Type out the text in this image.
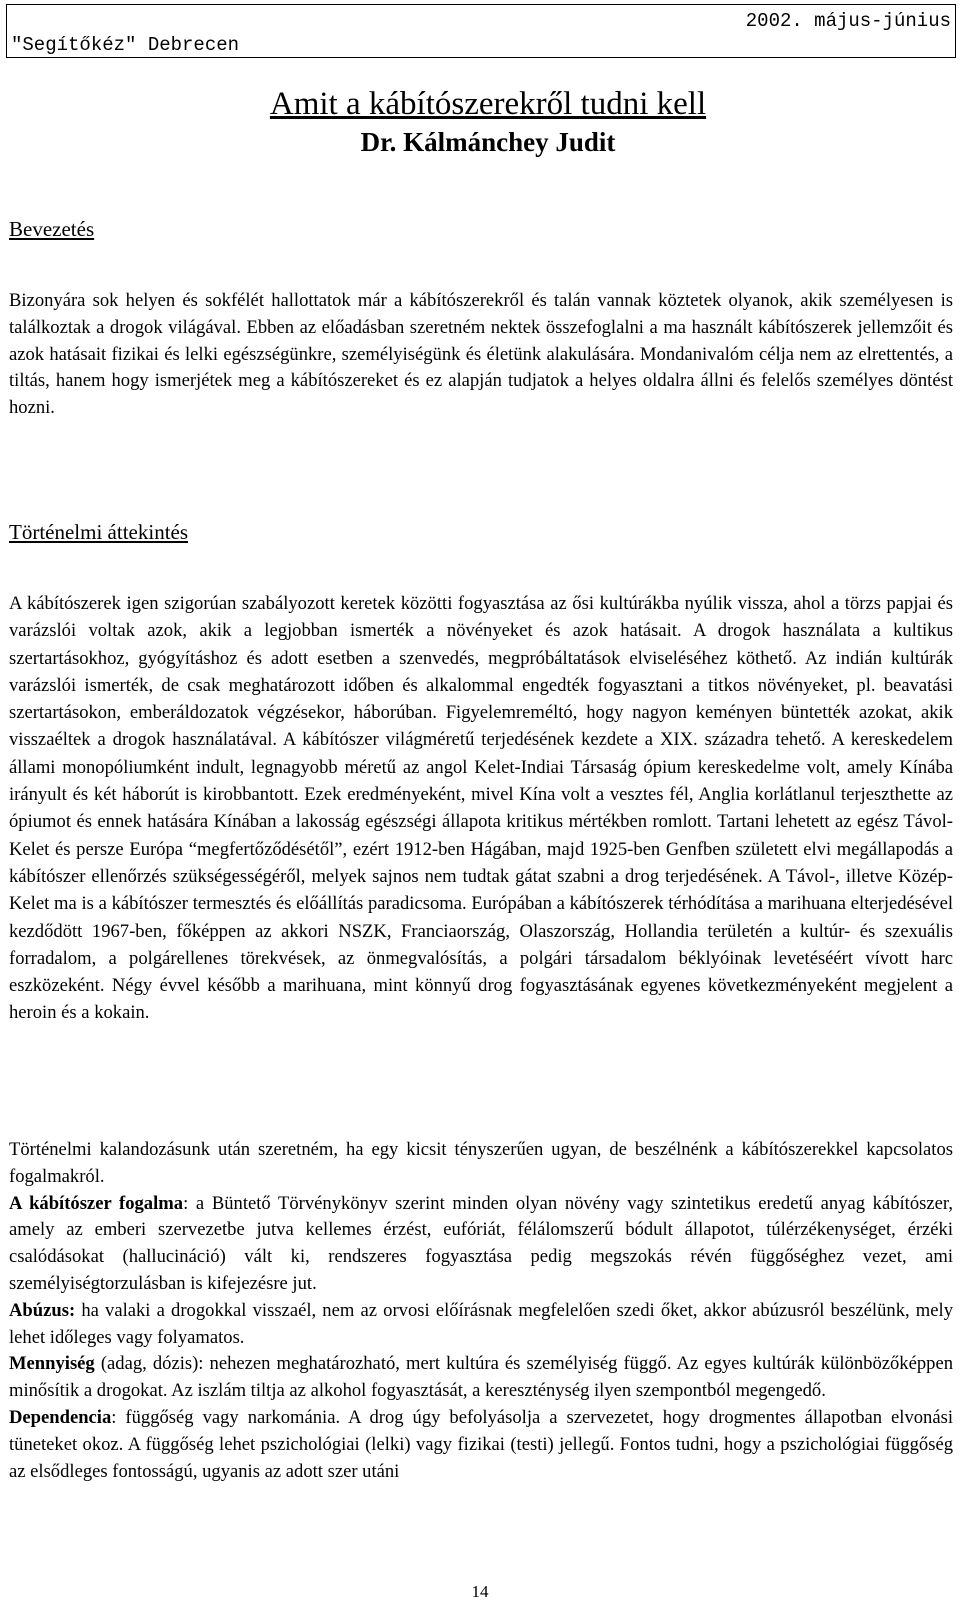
"Segítőkéz" Debrecen
2002. május-június
Amit a kábítószerekről tudni kell

Dr. Kálmánchey Judit

Bevezetés

Bizonyára sok helyen és sokfélét hallottatok már a kábítószerekről és talán vannak köztetek olyanok, akik személyesen is találkoztak a drogok világával. Ebben az előadásban szeretném nektek összefoglalni a ma használt kábítószerek jellemzőit és azok hatásait fizikai és lelki egészségünkre, személyiségünk és életünk alakulására. Mondanivalóm célja nem az elrettentés, a tiltás, hanem hogy ismerjétek meg a kábítószereket és ez alapján tudjatok a helyes oldalra állni és felelős személyes döntést hozni.

Történelmi áttekintés

A kábítószerek igen szigorúan szabályozott keretek közötti fogyasztása az ősi kultúrákba nyúlik vissza, ahol a törzs papjai és varázslói voltak azok, akik a legjobban ismerték a növényeket és azok hatásait. A drogok használata a kultikus szertartásokhoz, gyógyításhoz és adott esetben a szenvedés, megpróbáltatások elviseléséhez köthető. Az indián kultúrák varázslói ismerték, de csak meghatározott időben és alkalommal engedték fogyasztani a titkos növényeket, pl. beavatási szertartásokon, emberáldozatok végzésekor, háborúban. Figyelemreméltó, hogy nagyon keményen büntették azokat, akik visszaéltek a drogok használatával. A kábítószer világméretű terjedésének kezdete a XIX. századra tehető. A kereskedelem állami monopóliumként indult, legnagyobb méretű az angol Kelet-Indiai Társaság ópium kereskedelme volt, amely Kínába irányult és két háborút is kirobbantott. Ezek eredményeként, mivel Kína volt a vesztes fél, Anglia korlátlanul terjeszthette az ópiumot és ennek hatására Kínában a lakosság egészségi állapota kritikus mértékben romlott. Tartani lehetett az egész Távol-Kelet és persze Európa “megfertőződésétől”, ezért 1912-ben Hágában, majd 1925-ben Genfben született elvi megállapodás a kábítószer ellenőrzés szükségességéről, melyek sajnos nem tudtak gátat szabni a drog terjedésének. A Távol-, illetve Közép-Kelet ma is a kábítószer termesztés és előállítás paradicsoma. Európában a kábítószerek térhódítása a marihuana elterjedésével kezdődött 1967-ben, főképpen az akkori NSZK, Franciaország, Olaszország, Hollandia területén a kultúr- és szexuális forradalom, a polgárellenes törekvések, az önmegvalósítás, a polgári társadalom béklyóinak levetéséért vívott harc eszközeként. Négy évvel később a marihuana, mint könnyű drog fogyasztásának egyenes következményeként megjelent a heroin és a kokain.

Történelmi kalandozásunk után szeretném, ha egy kicsit tényszerűen ugyan, de beszélnénk a kábítószerekkel kapcsolatos fogalmakról.

A kábítószer fogalma: a Büntető Törvénykönyv szerint minden olyan növény vagy szintetikus eredetű anyag kábítószer, amely az emberi szervezetbe jutva kellemes érzést, eufóriát, félálomszerű bódult állapotot, túlérzékenységet, érzéki csalódásokat (hallucináció) vált ki, rendszeres fogyasztása pedig megszokás révén függőséghez vezet, ami személyiségtorzulásban is kifejezésre jut.

Abúzus: ha valaki a drogokkal visszaél, nem az orvosi előírásnak megfelelően szedi őket, akkor abúzusról beszélünk, mely lehet időleges vagy folyamatos.

Mennyiség (adag, dózis): nehezen meghatározható, mert kultúra és személyiség függő. Az egyes kultúrák különbözőképpen minősítik a drogokat. Az iszlám tiltja az alkohol fogyasztását, a kereszténység ilyen szempontból megengedő.

Dependencia: függőség vagy narkománia. A drog úgy befolyásolja a szervezetet, hogy drogmentes állapotban elvonási tüneteket okoz. A függőség lehet pszichológiai (lelki) vagy fizikai (testi) jellegű. Fontos tudni, hogy a pszichológiai függőség az elsődleges fontosságú, ugyanis az adott szer utáni

14
